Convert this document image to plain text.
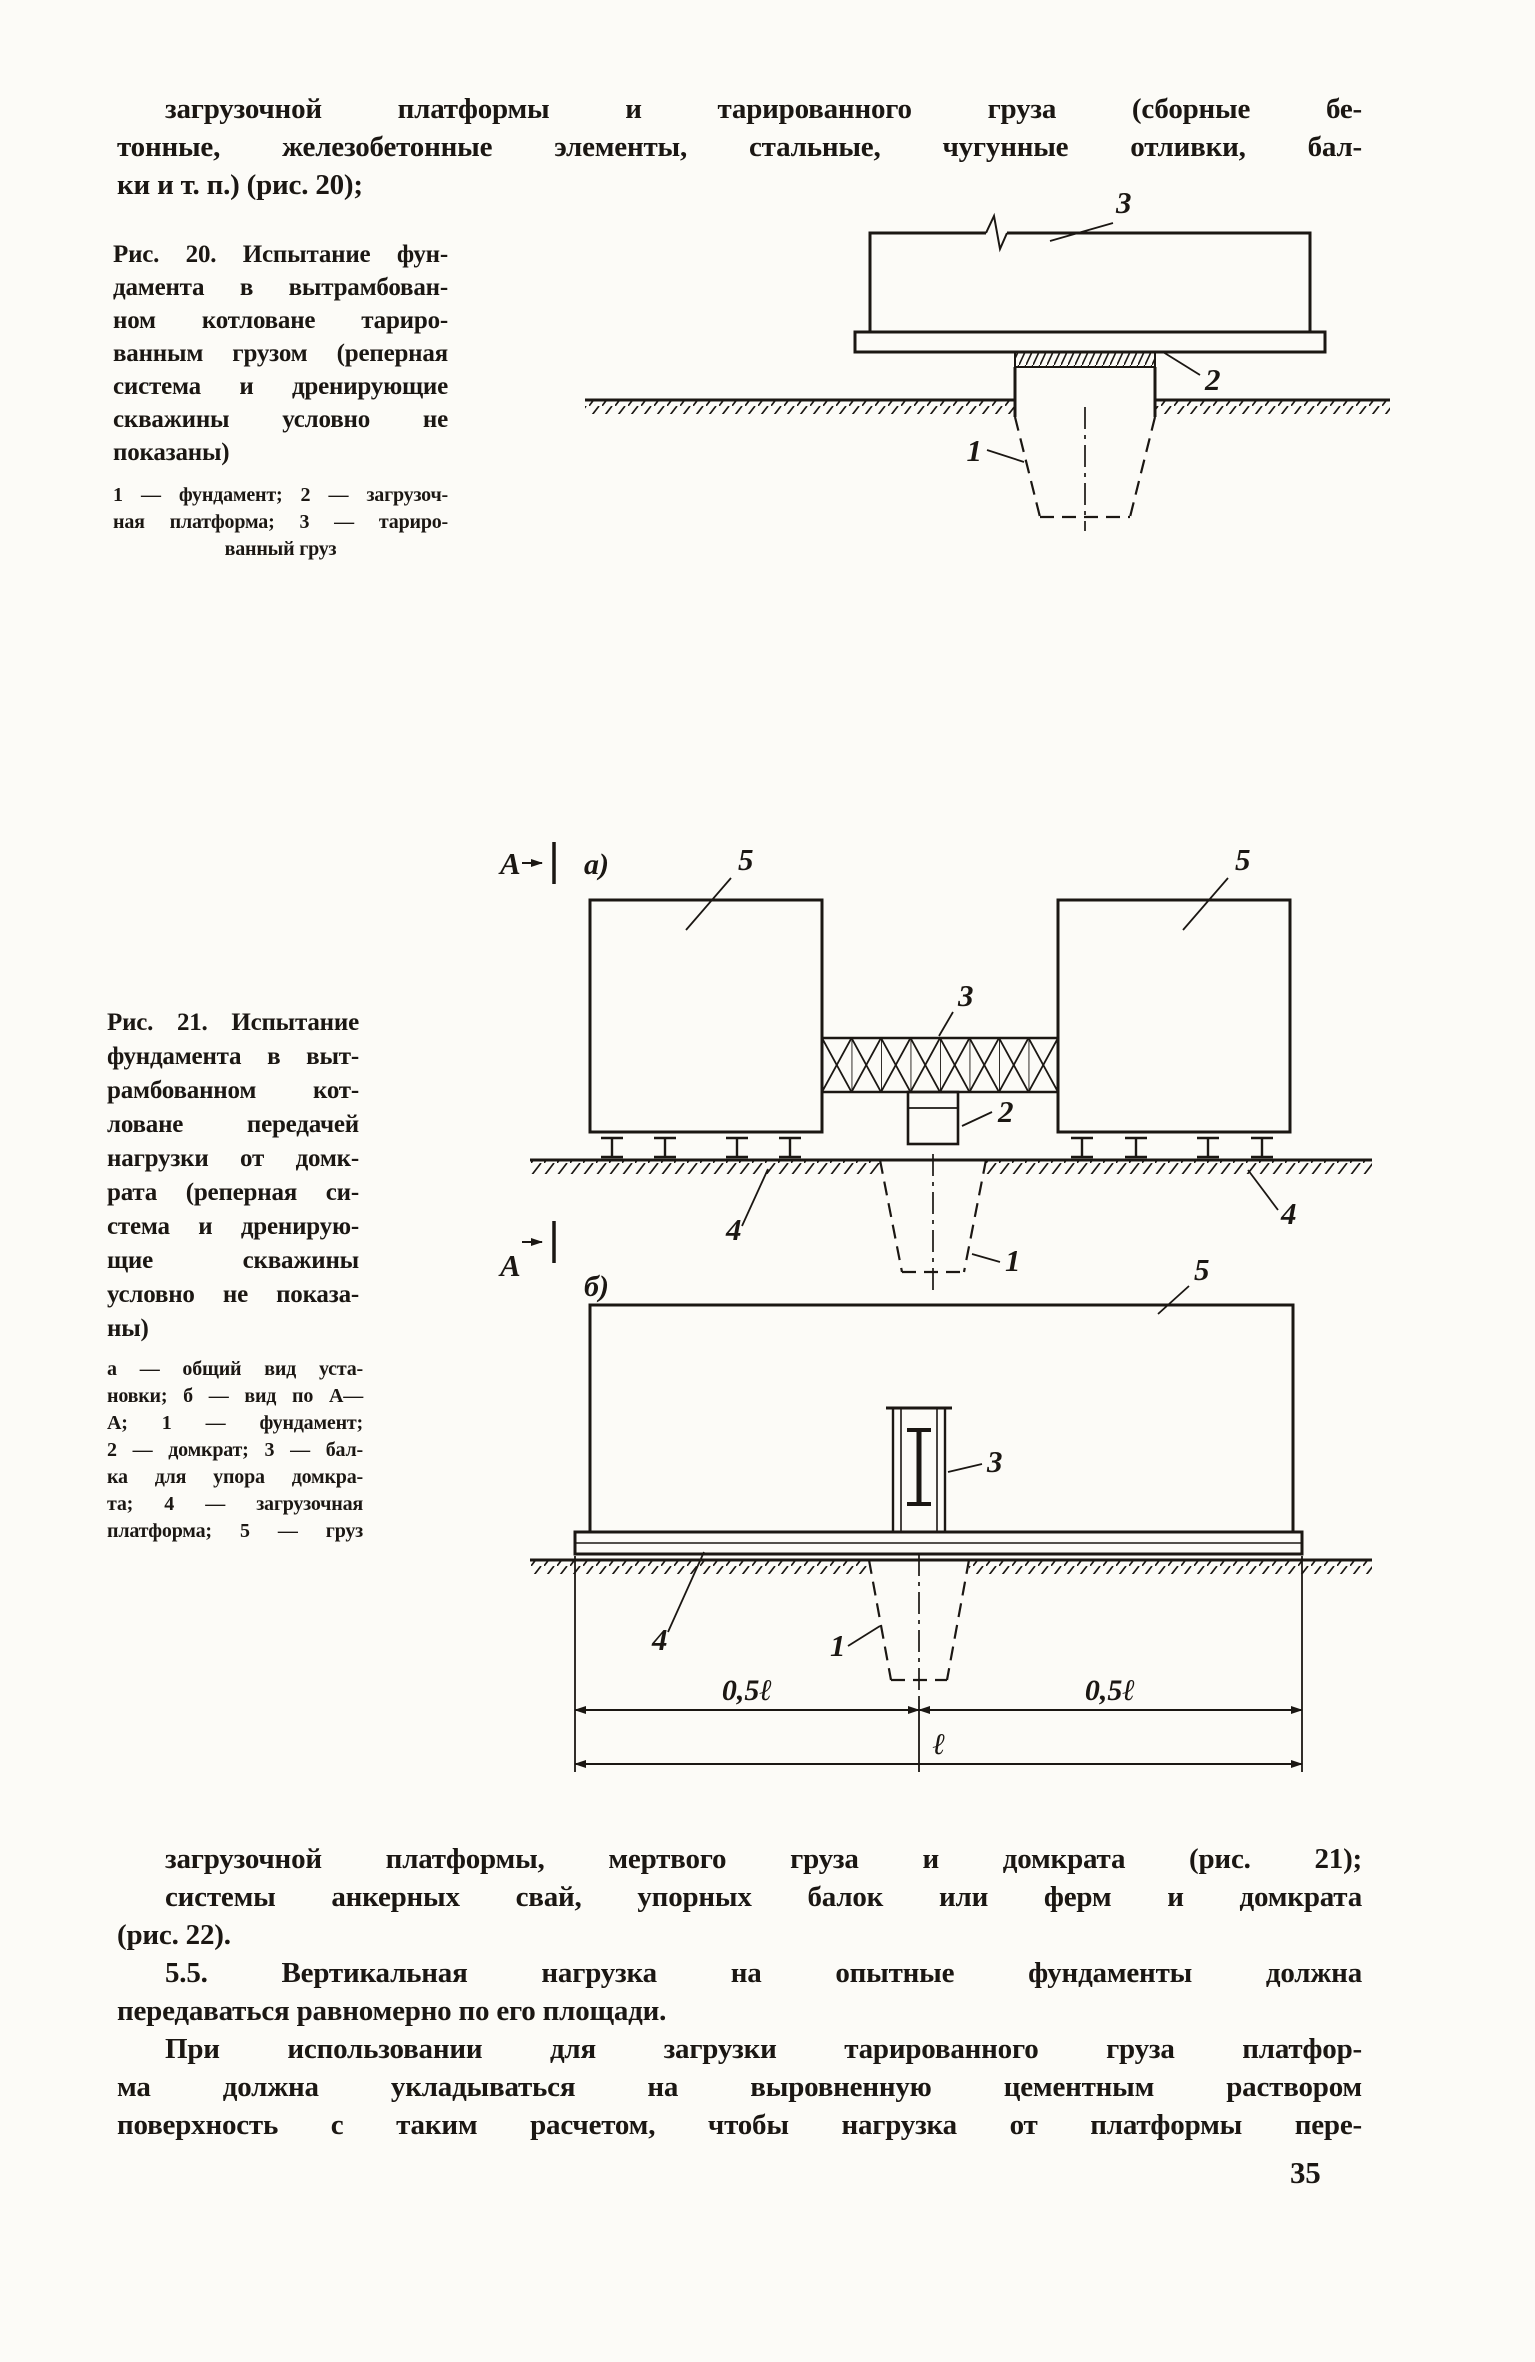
загрузочной платформы и тарированного груза (сборные бе-
тонные, железобетонные элементы, стальные, чугунные отливки, бал-
ки и т. п.) (рис. 20);
Рис. 20. Испытание фун-
дамента в вытрамбован-
ном котловане тариро-
ванным грузом (реперная
система и дренирующие
скважины условно не
показаны)
1 — фундамент; 2 — загрузоч-
ная платформа; 3 — тариро-
ванный груз
3
2
1
Рис. 21. Испытание
фундамента в выт-
рамбованном кот-
ловане передачей
нагрузки от домк-
рата (реперная си-
стема и дренирую-
щие скважины
условно не показа-
ны)
а — общий вид уста-
новки; б — вид по А—
А; 1 — фундамент;
2 — домкрат; 3 — бал-
ка для упора домкра-
та; 4 — загрузочная
платформа; 5 — груз
А а)	5	5
3
2
1
4	4
А
б)	5
3
1
4
0,5ℓ	0,5ℓ
ℓ
загрузочной платформы, мертвого груза и домкрата (рис. 21);
системы анкерных свай, упорных балок или ферм и домкрата
(рис. 22).
5.5. Вертикальная нагрузка на опытные фундаменты должна
передаваться равномерно по его площади.
При использовании для загрузки тарированного груза платфор-
ма должна укладываться на выровненную цементным раствором
поверхность с таким расчетом, чтобы нагрузка от платформы пере-
35
